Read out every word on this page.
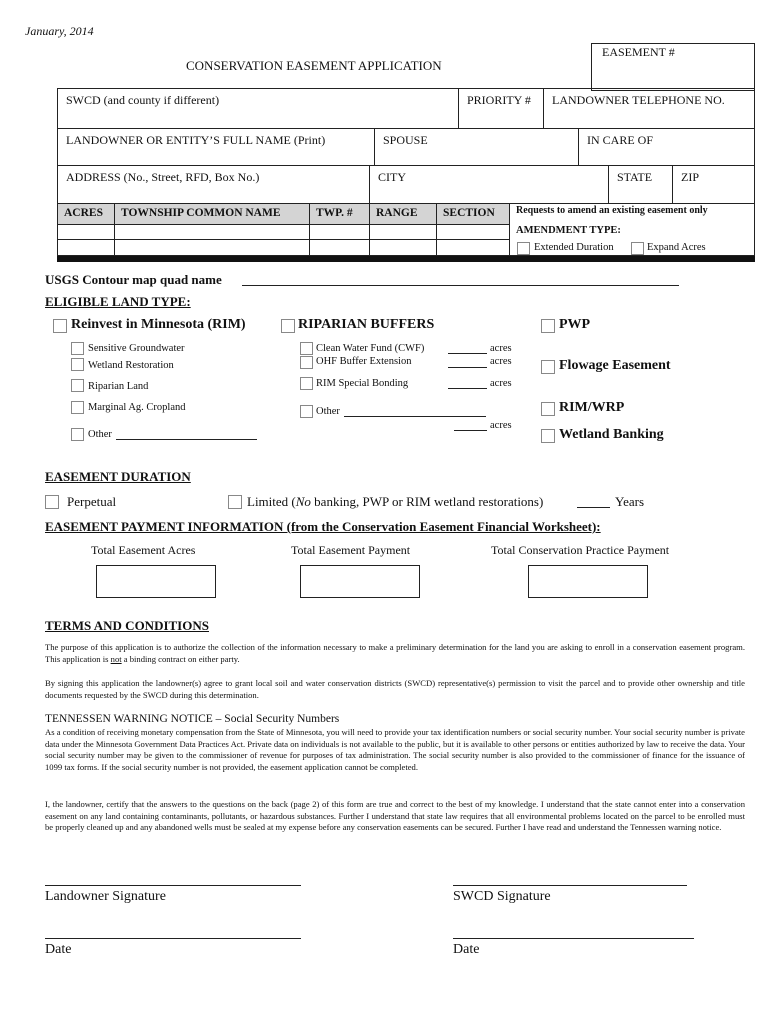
January, 2014
CONSERVATION EASEMENT APPLICATION
EASEMENT #
SWCD (and county if different)	PRIORITY #	LANDOWNER TELEPHONE NO.
LANDOWNER OR ENTITY’S FULL NAME (Print)	SPOUSE	IN CARE OF
ADDRESS (No., Street, RFD, Box No.)	CITY	STATE	ZIP
ACRES	TOWNSHIP COMMON NAME	TWP. #	RANGE	SECTION	Requests to amend an existing easement only
AMENDMENT TYPE:
Extended Duration	Expand Acres
USGS Contour map quad name
ELIGIBLE LAND TYPE:
Reinvest in Minnesota (RIM)
Sensitive Groundwater
Wetland Restoration
Riparian Land
Marginal Ag. Cropland
Other
RIPARIAN BUFFERS
Clean Water Fund (CWF)	acres
OHF Buffer Extension	acres
RIM Special Bonding	acres
Other
acres
PWP
Flowage Easement
RIM/WRP
Wetland Banking
EASEMENT DURATION
Perpetual	Limited (No banking, PWP or RIM wetland restorations)	Years
EASEMENT PAYMENT INFORMATION (from the Conservation Easement Financial Worksheet):
Total Easement Acres	Total Easement Payment	Total Conservation Practice Payment
TERMS AND CONDITIONS
The purpose of this application is to authorize the collection of the information necessary to make a preliminary determination for the land you are asking to enroll in a conservation easement program. This application is not a binding contract on either party.
By signing this application the landowner(s) agree to grant local soil and water conservation districts (SWCD) representative(s) permission to visit the parcel and to provide other ownership and title documents requested by the SWCD during this determination.
TENNESSEN WARNING NOTICE – Social Security Numbers
As a condition of receiving monetary compensation from the State of Minnesota, you will need to provide your tax identification numbers or social security number. Your social security number is private data under the Minnesota Government Data Practices Act. Private data on individuals is not available to the public, but it is available to other persons or entities authorized by law to receive the data. Your social security number may be given to the commissioner of revenue for purposes of tax administration. The social security number is also provided to the commissioner of finance for the issuance of 1099 tax forms. If the social security number is not provided, the easement application cannot be completed.
I, the landowner, certify that the answers to the questions on the back (page 2) of this form are true and correct to the best of my knowledge. I understand that the state cannot enter into a conservation easement on any land containing contaminants, pollutants, or hazardous substances. Further I understand that state law requires that all environmental problems located on the parcel to be enrolled must be properly cleaned up and any abandoned wells must be sealed at my expense before any conservation easements can be secured. Further I have read and understand the Tennessen warning notice.
Landowner Signature	SWCD Signature
Date	Date
